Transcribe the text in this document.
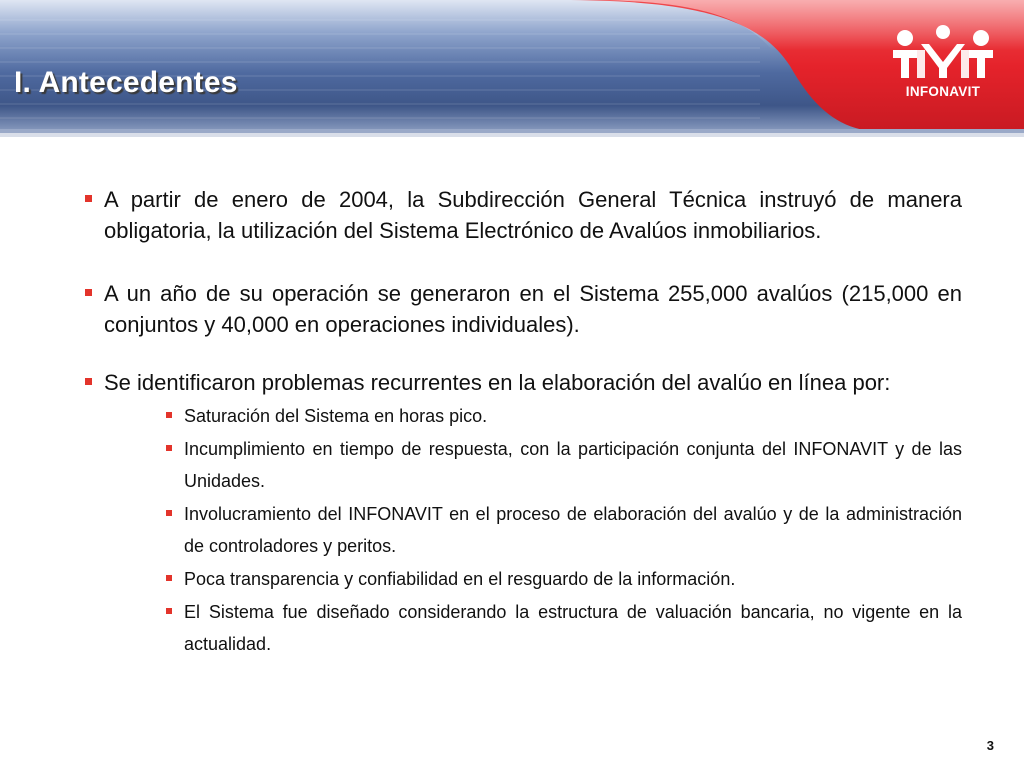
I. Antecedentes	INFONAVIT

A partir de enero de 2004, la Subdirección General Técnica instruyó de manera obligatoria, la utilización del Sistema Electrónico de Avalúos inmobiliarios.

A un año de su operación se generaron en el Sistema 255,000 avalúos (215,000 en conjuntos y 40,000 en operaciones individuales).

Se identificaron problemas recurrentes en la elaboración del avalúo en línea por:

Saturación del Sistema en horas pico.

Incumplimiento en tiempo de respuesta, con la participación conjunta del INFONAVIT y de las Unidades.

Involucramiento del INFONAVIT en el proceso de elaboración del avalúo y de la administración de controladores y peritos.

Poca transparencia y confiabilidad en el resguardo de la información.

El Sistema fue diseñado considerando la estructura de valuación bancaria, no vigente en la actualidad.

3
